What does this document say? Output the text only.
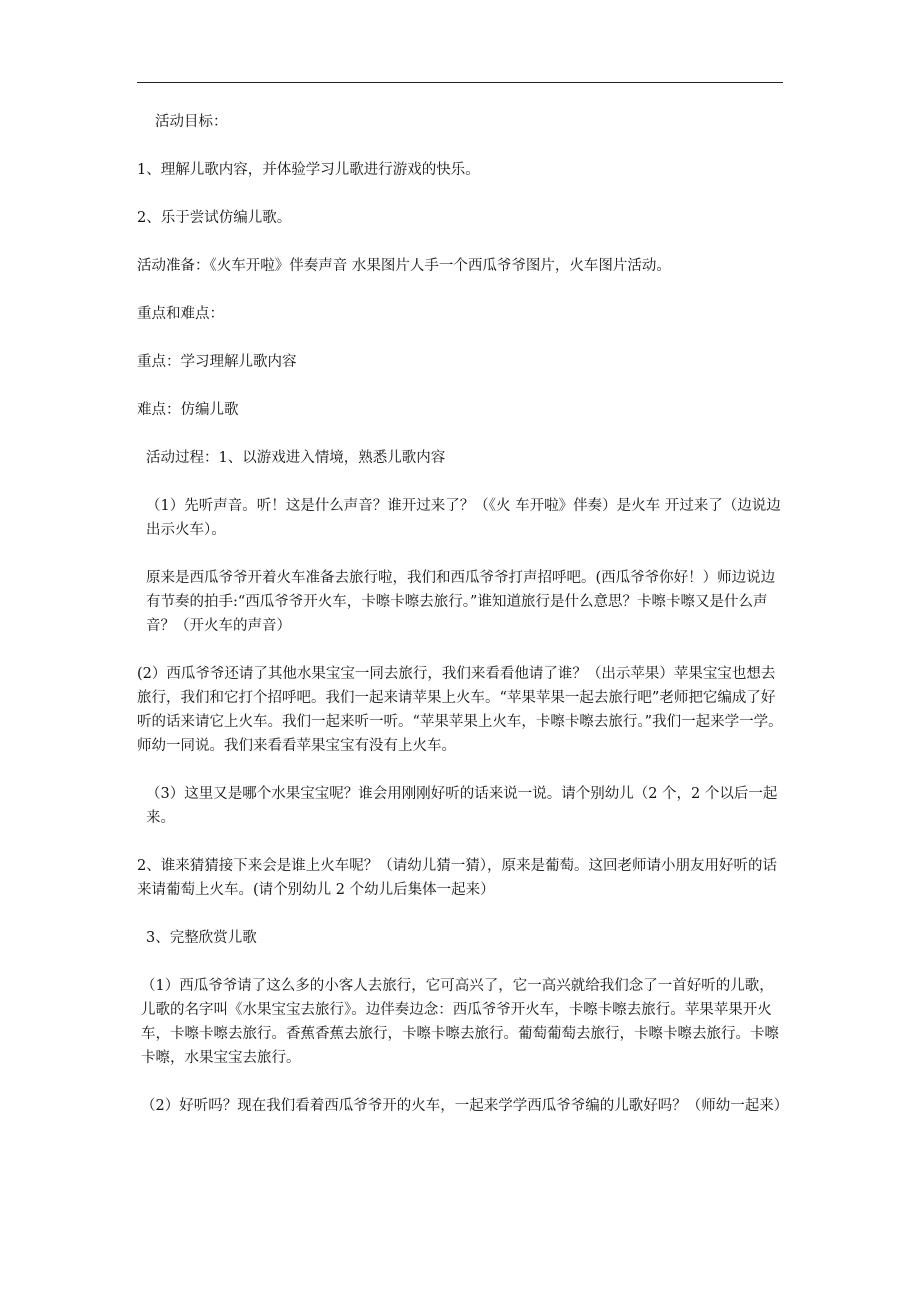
活动目标：

1、理解儿歌内容，并体验学习儿歌进行游戏的快乐。

2、乐于尝试仿编儿歌。

活动准备：《火车开啦》伴奏声音 水果图片人手一个西瓜爷爷图片，火车图片活动。

重点和难点：

重点：学习理解儿歌内容

难点：仿编儿歌

活动过程：1、以游戏进入情境，熟悉儿歌内容

（1）先听声音。听！这是什么声音？谁开过来了？（《火 车开啦》伴奏）是火车 开过来了（边说边出示火车）。

原来是西瓜爷爷开着火车准备去旅行啦，我们和西瓜爷爷打声招呼吧。(西瓜爷爷你好！）师边说边有节奏的拍手:“西瓜爷爷开火车，卡嚓卡嚓去旅行。”谁知道旅行是什么意思？卡嚓卡嚓又是什么声音？（开火车的声音）

(2）西瓜爷爷还请了其他水果宝宝一同去旅行，我们来看看他请了谁？（出示苹果）苹果宝宝也想去旅行，我们和它打个招呼吧。我们一起来请苹果上火车。“苹果苹果一起去旅行吧”老师把它编成了好听的话来请它上火车。我们一起来听一听。“苹果苹果上火车，卡嚓卡嚓去旅行。”我们一起来学一学。师幼一同说。我们来看看苹果宝宝有没有上火车。

（3）这里又是哪个水果宝宝呢？谁会用刚刚好听的话来说一说。请个别幼儿（2 个，2 个以后一起来。

2、谁来猜猜接下来会是谁上火车呢？（请幼儿猜一猜），原来是葡萄。这回老师请小朋友用好听的话来请葡萄上火车。(请个别幼儿 2 个幼儿后集体一起来）

3、完整欣赏儿歌

（1）西瓜爷爷请了这么多的小客人去旅行，它可高兴了，它一高兴就给我们念了一首好听的儿歌，儿歌的名字叫《水果宝宝去旅行》。边伴奏边念：西瓜爷爷开火车，卡嚓卡嚓去旅行。苹果苹果开火车，卡嚓卡嚓去旅行。香蕉香蕉去旅行，卡嚓卡嚓去旅行。葡萄葡萄去旅行，卡嚓卡嚓去旅行。卡嚓卡嚓，水果宝宝去旅行。

（2）好听吗？现在我们看着西瓜爷爷开的火车，一起来学学西瓜爷爷编的儿歌好吗？（师幼一起来）
